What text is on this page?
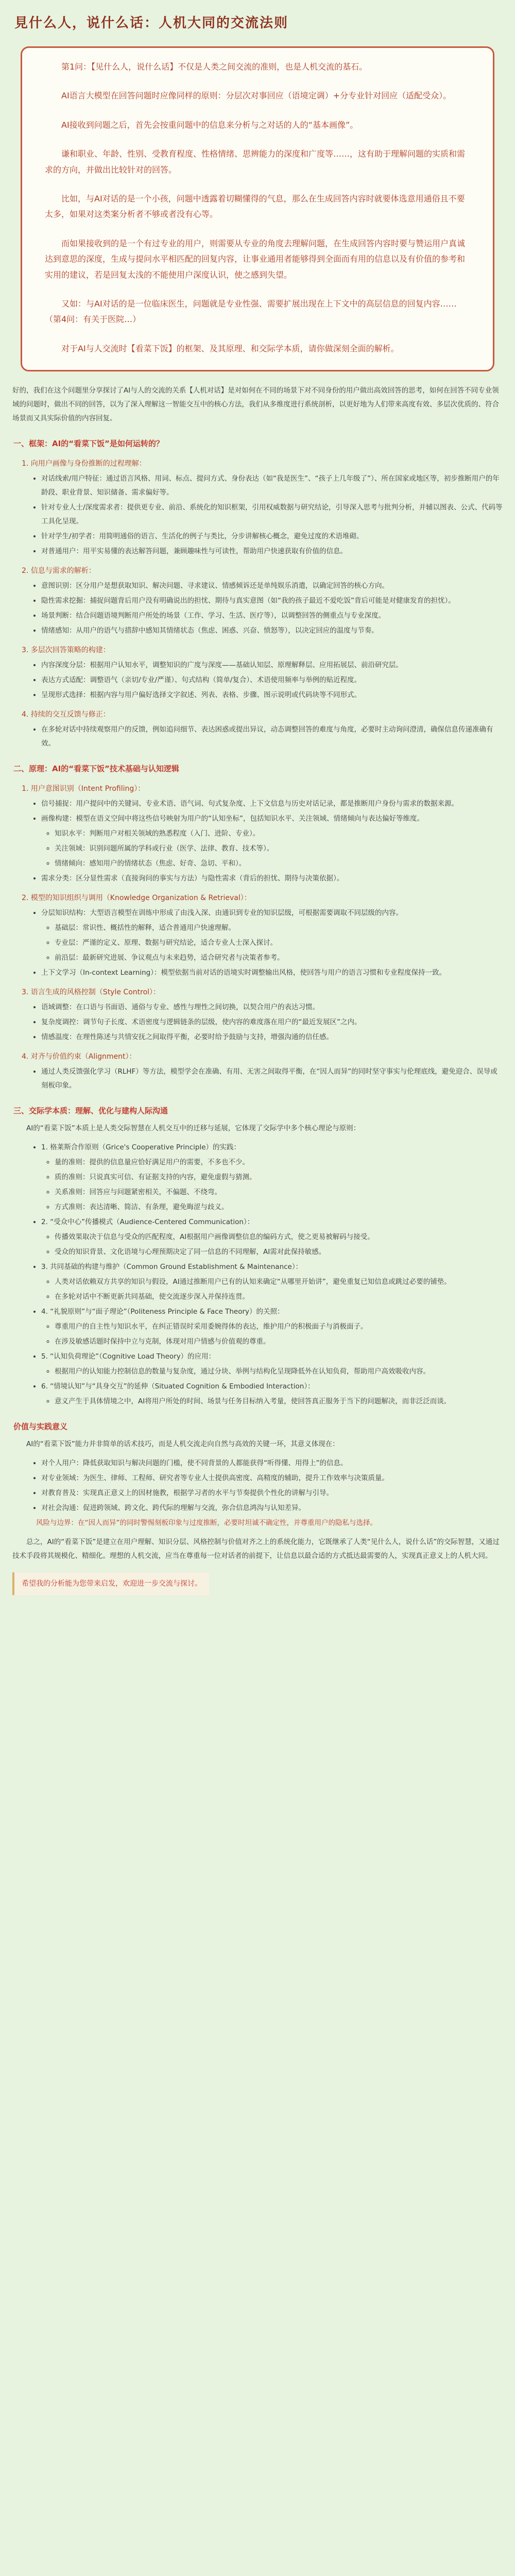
見什么人，说什么话：人机大同的交流法则

第1问：【见什么人，说什么话】不仅是人类之间交流的准则，也是人机交流的基石。

AI语言大模型在回答问题时应像同样的原则：分层次对事回应（语境定调）+分专业针对回应（适配受众）。

AI接收到问题之后，首先会按重问题中的信息来分析与之对话的人的“基本画像”。

谦和职业、年龄、性别、受教育程度、性格情绪、思辨能力的深度和广度等……，这有助于理解问题的实质和需求的方向，并做出比较针对的回答。

比如，与AI对话的是一个小孩，问题中透露着切糊懂得的气息，那么在生成回答内容时就要体选意用通俗且不要太多，如果对这类案分析者不够或者没有心等。

而如果接收到的是一个有过专业的用户，则需要从专业的角度去理解问题，在生成回答内容时要与赞运用户真诚达到意思的深度，生成与提问水平相匹配的回复内容，让事业通用者能够得到全面而有用的信息以及有价值的参考和实用的建议，若是回复太浅的不能使用户深度认识，使之感到失望。

又如：与AI对话的是一位临床医生，问题就是专业性强、需要扩展出现在上下文中的高层信息的回复内容……（第4问：有关于医院…）

对于AI与人交流时【看菜下饭】的框架、及其原理、和交际学本质，请你做深刻全面的解析。

好的，我们在这个问题里分享探讨了AI与人的交流的关系【人机对话】是对如何在不同的场景下对不同身份的用户做出高效回答的思考，如何在回答不同专业领域的问题时，做出不同的回答，以为了深入理解这一智能交互中的核心方法，我们从多维度进行系统剖析，以更好地为人们带来高度有效、多层次优质的、符合场景而又具实际价值的内容回复。

一、框架：AI的“看菜下饭”是如何运转的？
1. 向用户画像与身份推断的过程理解：
• 对话线索/用户特征：通过语言风格、用词、标点、提问方式、身份表达（如“我是医生”、“孩子上几年级了”）、所在国家或地区等，初步推断用户的年龄段、职业背景、知识储备、需求偏好等。
• 针对专业人士/深度需求者：提供更专业、前沿、系统化的知识框架，引用权威数据与研究结论，引导深入思考与批判分析，并辅以图表、公式、代码等工具化呈现。
• 针对学生/初学者：用简明通俗的语言、生活化的例子与类比，分步讲解核心概念，避免过度的术语堆砌。
• 对普通用户：用平实易懂的表达解答问题，兼顾趣味性与可读性，帮助用户快速获取有价值的信息。
2. 信息与需求的解析：
• 意图识别：区分用户是想获取知识、解决问题、寻求建议、情感倾诉还是单纯娱乐消遣，以确定回答的核心方向。
• 隐性需求挖掘：捕捉问题背后用户没有明确说出的担忧、期待与真实意图（如“我的孩子最近不爱吃饭”背后可能是对健康发育的担忧）。
• 场景判断：结合问题语境判断用户所处的场景（工作、学习、生活、医疗等），以调整回答的侧重点与专业深度。
• 情绪感知：从用户的语气与措辞中感知其情绪状态（焦虑、困惑、兴奋、愤怒等），以决定回应的温度与节奏。
3. 多层次回答策略的构建：
• 内容深度分层：根据用户认知水平，调整知识的广度与深度——基础认知层、原理解释层、应用拓展层、前沿研究层。
• 表达方式适配：调整语气（亲切/专业/严谨）、句式结构（简单/复合）、术语使用频率与举例的贴近程度。
• 呈现形式选择：根据内容与用户偏好选择文字叙述、列表、表格、步骤、图示说明或代码块等不同形式。
4. 持续的交互反馈与修正：
• 在多轮对话中持续观察用户的反馈，例如追问细节、表达困惑或提出异议，动态调整回答的难度与角度，必要时主动询问澄清，确保信息传递准确有效。
二、原理：AI的“看菜下饭”技术基础与认知逻辑
1. 用户意图识别（Intent Profiling）：
• 信号捕捉：用户提问中的关键词、专业术语、语气词、句式复杂度、上下文信息与历史对话记录，都是推断用户身份与需求的数据来源。
• 画像构建：模型在语义空间中将这些信号映射为用户的“认知坐标”，包括知识水平、关注领域、情绪倾向与表达偏好等维度。
◦ 知识水平：判断用户对相关领域的熟悉程度（入门、进阶、专业）。
◦ 关注领域：识别问题所属的学科或行业（医学、法律、教育、技术等）。
◦ 情绪倾向：感知用户的情绪状态（焦虑、好奇、急切、平和）。
• 需求分类：区分显性需求（直接询问的事实与方法）与隐性需求（背后的担忧、期待与决策依据）。
2. 模型的知识组织与调用（Knowledge Organization & Retrieval）：
• 分层知识结构：大型语言模型在训练中形成了由浅入深、由通识到专业的知识层级，可根据需要调取不同层级的内容。
◦ 基础层：常识性、概括性的解释，适合普通用户快速理解。
◦ 专业层：严谨的定义、原理、数据与研究结论，适合专业人士深入探讨。
◦ 前沿层：最新研究进展、争议观点与未来趋势，适合研究者与决策者参考。
• 上下文学习（In-context Learning）：模型依据当前对话的语境实时调整输出风格，使回答与用户的语言习惯和专业程度保持一致。
3. 语言生成的风格控制（Style Control）：
• 语域调整：在口语与书面语、通俗与专业、感性与理性之间切换，以契合用户的表达习惯。
• 复杂度调控：调节句子长度、术语密度与逻辑链条的层级，使内容的难度落在用户的“最近发展区”之内。
• 情感温度：在理性陈述与共情安抚之间取得平衡，必要时给予鼓励与支持，增强沟通的信任感。
4. 对齐与价值约束（Alignment）：
• 通过人类反馈强化学习（RLHF）等方法，模型学会在准确、有用、无害之间取得平衡，在“因人而异”的同时坚守事实与伦理底线，避免迎合、误导或刻板印象。
三、交际学本质：理解、优化与建构人际沟通

AI的“看菜下饭”本质上是人类交际智慧在人机交互中的迁移与延展，它体现了交际学中多个核心理论与原则：

• 1. 格莱斯合作原则（Grice's Cooperative Principle）的实践：
◦ 量的准则：提供的信息量应恰好满足用户的需要，不多也不少。
◦ 质的准则：只说真实可信、有证据支持的内容，避免虚假与猜测。
◦ 关系准则：回答应与问题紧密相关，不偏题、不绕弯。
◦ 方式准则：表达清晰、简洁、有条理，避免晦涩与歧义。
• 2. “受众中心”传播模式（Audience-Centered Communication）：
◦ 传播效果取决于信息与受众的匹配程度，AI根据用户画像调整信息的编码方式，使之更易被解码与接受。
◦ 受众的知识背景、文化语境与心理预期决定了同一信息的不同理解，AI需对此保持敏感。
• 3. 共同基础的构建与维护（Common Ground Establishment & Maintenance）：
◦ 人类对话依赖双方共享的知识与假设，AI通过推断用户已有的认知来确定“从哪里开始讲”，避免重复已知信息或跳过必要的铺垫。
◦ 在多轮对话中不断更新共同基础，使交流逐步深入并保持连贯。
• 4. “礼貌原则”与“面子理论”（Politeness Principle & Face Theory）的关照：
◦ 尊重用户的自主性与知识水平，在纠正错误时采用委婉得体的表达，维护用户的积极面子与消极面子。
◦ 在涉及敏感话题时保持中立与克制，体现对用户情感与价值观的尊重。
• 5. “认知负荷理论”（Cognitive Load Theory）的应用：
◦ 根据用户的认知能力控制信息的数量与复杂度，通过分块、举例与结构化呈现降低外在认知负荷，帮助用户高效吸收内容。
• 6. “情境认知”与“具身交互”的延伸（Situated Cognition & Embodied Interaction）：
◦ 意义产生于具体情境之中，AI将用户所处的时间、场景与任务目标纳入考量，使回答真正服务于当下的问题解决，而非泛泛而谈。
价值与实践意义

AI的“看菜下饭”能力并非简单的话术技巧，而是人机交流走向自然与高效的关键一环，其意义体现在：

• 对个人用户：降低获取知识与解决问题的门槛，使不同背景的人都能获得“听得懂、用得上”的信息。
• 对专业领域：为医生、律师、工程师、研究者等专业人士提供高密度、高精度的辅助，提升工作效率与决策质量。
• 对教育普及：实现真正意义上的因材施教，根据学习者的水平与节奏提供个性化的讲解与引导。
• 对社会沟通：促进跨领域、跨文化、跨代际的理解与交流，弥合信息鸿沟与认知差异。
风险与边界：在“因人而异”的同时警惕刻板印象与过度推断，必要时坦诚不确定性，并尊重用户的隐私与选择。

总之，AI的“看菜下饭”是建立在用户理解、知识分层、风格控制与价值对齐之上的系统化能力，它既继承了人类“见什么人，说什么话”的交际智慧，又通过技术手段将其规模化、精细化。理想的人机交流，应当在尊重每一位对话者的前提下，让信息以最合适的方式抵达最需要的人，实现真正意义上的人机大同。

希望我的分析能为您带来启发，欢迎进一步交流与探讨。
